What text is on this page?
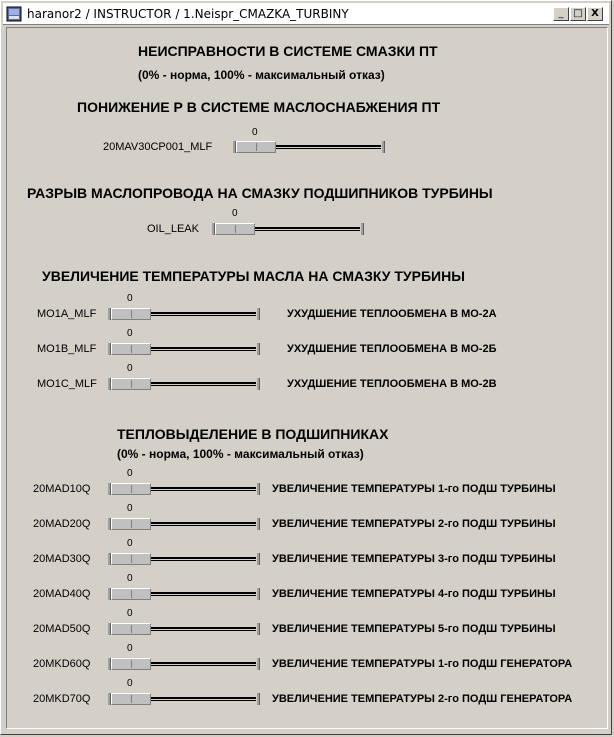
haranor2 / INSTRUCTOR / 1.Neispr_CMAZKA_TURBINY	_ □ X
НЕИСПРАВНОСТИ В СИСТЕМЕ СМАЗКИ ПТ
(0% - норма, 100% - максимальный отказ)
ПОНИЖЕНИЕ Р В СИСТЕМЕ МАСЛОСНАБЖЕНИЯ ПТ
0
20MAV30CP001_MLF
РАЗРЫВ МАСЛОПРОВОДА НА СМАЗКУ ПОДШИПНИКОВ ТУРБИНЫ
0
OIL_LEAK
УВЕЛИЧЕНИЕ ТЕМПЕРАТУРЫ МАСЛА НА СМАЗКУ ТУРБИНЫ
0
MO1A_MLF	УХУДШЕНИЕ ТЕПЛООБМЕНА В МО-2А
0
MO1B_MLF	УХУДШЕНИЕ ТЕПЛООБМЕНА В МО-2Б
0
MO1C_MLF	УХУДШЕНИЕ ТЕПЛООБМЕНА В МО-2В
ТЕПЛОВЫДЕЛЕНИЕ В ПОДШИПНИКАХ
(0% - норма, 100% - максимальный отказ)
0
20MAD10Q	УВЕЛИЧЕНИЕ ТЕМПЕРАТУРЫ 1-го ПОДШ ТУРБИНЫ
0
20MAD20Q	УВЕЛИЧЕНИЕ ТЕМПЕРАТУРЫ 2-го ПОДШ ТУРБИНЫ
0
20MAD30Q	УВЕЛИЧЕНИЕ ТЕМПЕРАТУРЫ 3-го ПОДШ ТУРБИНЫ
0
20MAD40Q	УВЕЛИЧЕНИЕ ТЕМПЕРАТУРЫ 4-го ПОДШ ТУРБИНЫ
0
20MAD50Q	УВЕЛИЧЕНИЕ ТЕМПЕРАТУРЫ 5-го ПОДШ ТУРБИНЫ
0
20MKD60Q	УВЕЛИЧЕНИЕ ТЕМПЕРАТУРЫ 1-го ПОДШ ГЕНЕРАТОРА
0
20MKD70Q	УВЕЛИЧЕНИЕ ТЕМПЕРАТУРЫ 2-го ПОДШ ГЕНЕРАТОРА
